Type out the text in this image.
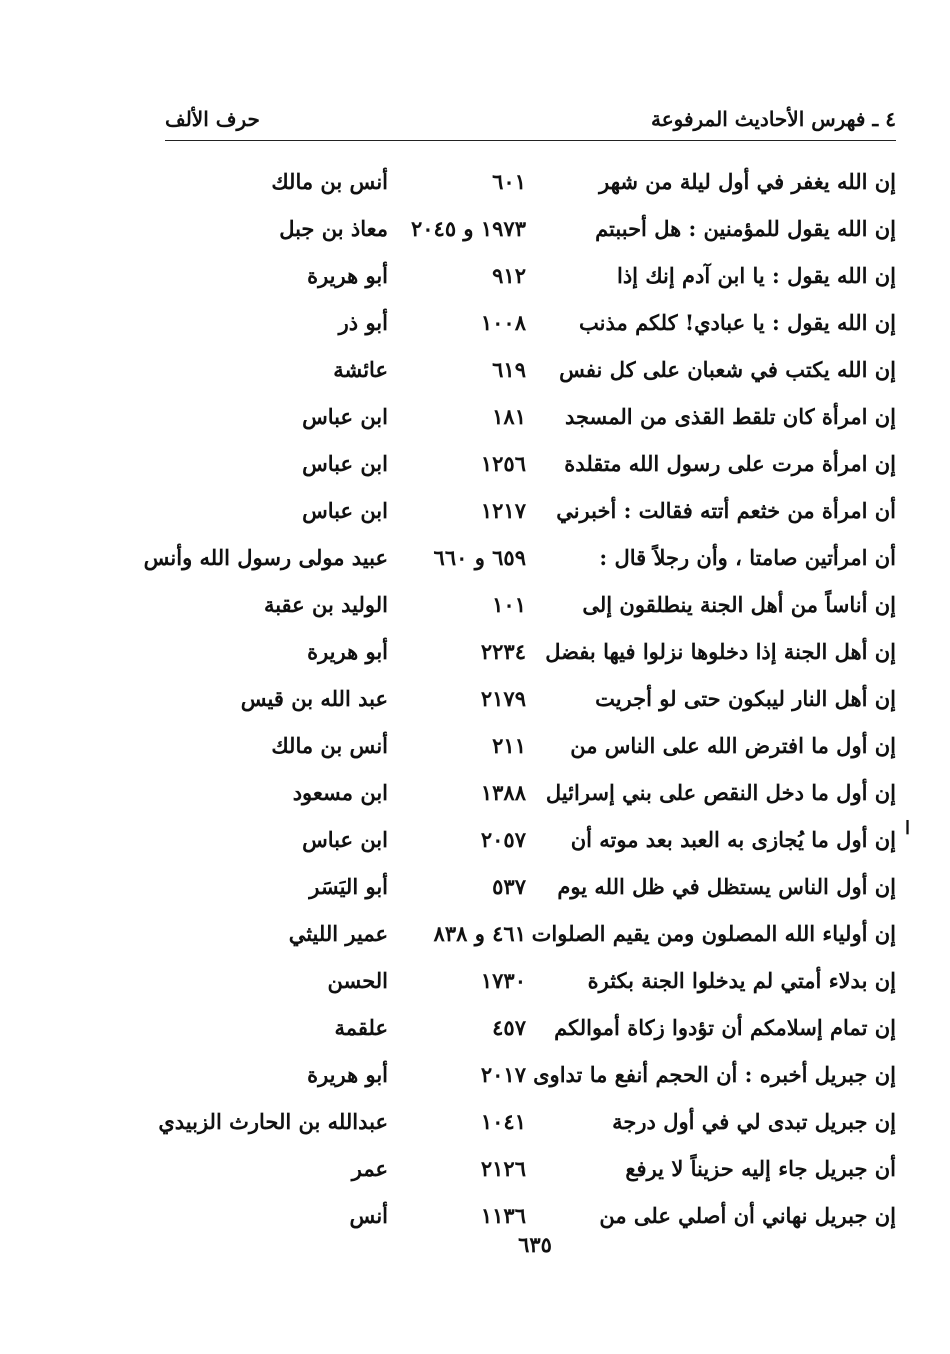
٤ ـ فهرس الأحاديث المرفوعة
حرف الألف
إن الله يغفر في أول ليلة من شهر
٦٠١
أنس بن مالك
إن الله يقول للمؤمنين : هل أحببتم
١٩٧٣ و ٢٠٤٥
معاذ بن جبل
إن الله يقول : يا ابن آدم إنك إذا
٩١٢
أبو هريرة
إن الله يقول : يا عبادي! كلكم مذنب
١٠٠٨
أبو ذر
إن الله يكتب في شعبان على كل نفس
٦١٩
عائشة
إن امرأة كان تلقط القذى من المسجد
١٨١
ابن عباس
إن امرأة مرت على رسول الله متقلدة
١٢٥٦
ابن عباس
أن امرأة من خثعم أتته فقالت : أخبرني
١٢١٧
ابن عباس
أن امرأتين صامتا ، وأن رجلاً قال :
٦٥٩ و ٦٦٠
عبيد مولى رسول الله وأنس
إن أناساً من أهل الجنة ينطلقون إلى
١٠١
الوليد بن عقبة
إن أهل الجنة إذا دخلوها نزلوا فيها بفضل
٢٢٣٤
أبو هريرة
إن أهل النار ليبكون حتى لو أجريت
٢١٧٩
عبد الله بن قيس
إن أول ما افترض الله على الناس من
٢١١
أنس بن مالك
إن أول ما دخل النقص على بني إسرائيل
١٣٨٨
ابن مسعود
إن أول ما يُجازى به العبد بعد موته أن
٢٠٥٧
ابن عباس
إن أول الناس يستظل في ظل الله يوم
٥٣٧
أبو اليَسَر
إن أولياء الله المصلون ومن يقيم الصلوات
٤٦١ و ٨٣٨
عمير الليثي
إن بدلاء أمتي لم يدخلوا الجنة بكثرة
١٧٣٠
الحسن
إن تمام إسلامكم أن تؤدوا زكاة أموالكم
٤٥٧
علقمة
إن جبريل أخبره : أن الحجم أنفع ما تداوى
٢٠١٧
أبو هريرة
إن جبريل تبدى لي في أول درجة
١٠٤١
عبدالله بن الحارث الزبيدي
أن جبريل جاء إليه حزيناً لا يرفع
٢١٢٦
عمر
إن جبريل نهاني أن أصلي على من
١١٣٦
أنس
ا
٦٣٥
